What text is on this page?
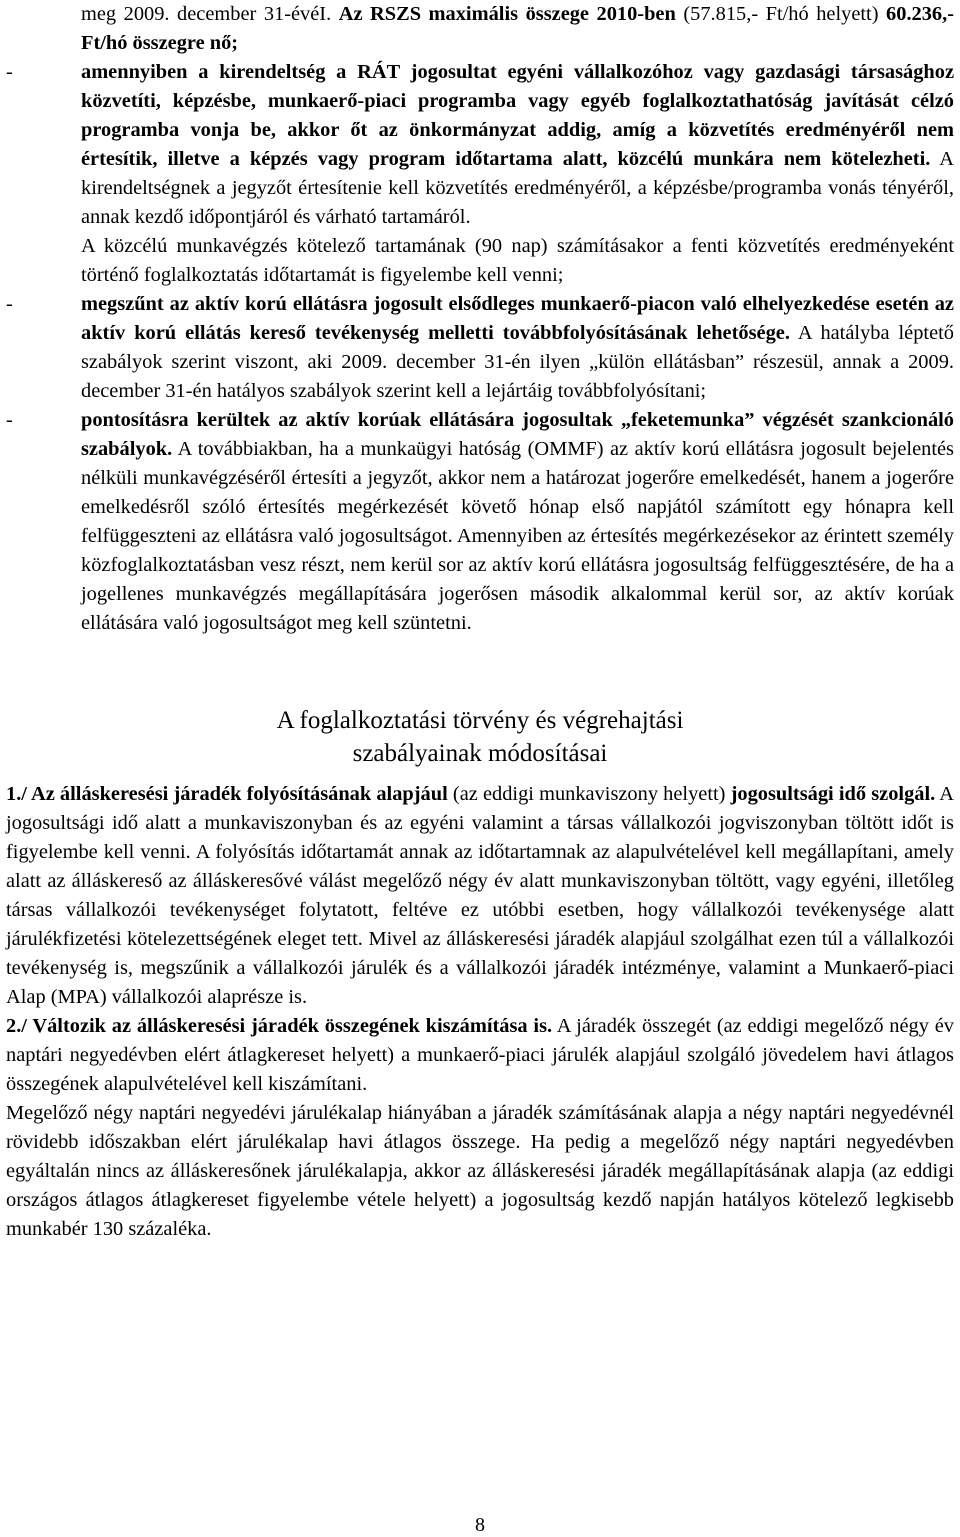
meg 2009. december 31-évéI. Az RSZS maximális összege 2010-ben (57.815,- Ft/hó helyett) 60.236,- Ft/hó összegre nő;

-	amennyiben a kirendeltség a RÁT jogosultat egyéni vállalkozóhoz vagy gazdasági társasághoz közvetíti, képzésbe, munkaerő-piaci programba vagy egyéb foglalkoztathatóság javítását célzó programba vonja be, akkor őt az önkormányzat addig, amíg a közvetítés eredményéről nem értesítik, illetve a képzés vagy program időtartama alatt, közcélú munkára nem kötelezheti. A kirendeltségnek a jegyzőt értesítenie kell közvetítés eredményéről, a képzésbe/programba vonás tényéről, annak kezdő időpontjáról és várható tartamáról.

A közcélú munkavégzés kötelező tartamának (90 nap) számításakor a fenti közvetítés eredményeként történő foglalkoztatás időtartamát is figyelembe kell venni;

-	megszűnt az aktív korú ellátásra jogosult elsődleges munkaerő-piacon való elhelyezkedése esetén az aktív korú ellátás kereső tevékenység melletti továbbfolyósításának lehetősége. A hatályba léptető szabályok szerint viszont, aki 2009. december 31-én ilyen „külön ellátásban” részesül, annak a 2009. december 31-én hatályos szabályok szerint kell a lejártáig továbbfolyósítani;

-	pontosításra kerültek az aktív korúak ellátására jogosultak „feketemunka” végzését szankcionáló szabályok. A továbbiakban, ha a munkaügyi hatóság (OMMF) az aktív korú ellátásra jogosult bejelentés nélküli munkavégzéséről értesíti a jegyzőt, akkor nem a határozat jogerőre emelkedését, hanem a jogerőre emelkedésről szóló értesítés megérkezését követő hónap első napjától számított egy hónapra kell felfüggeszteni az ellátásra való jogosultságot. Amennyiben az értesítés megérkezésekor az érintett személy közfoglalkoztatásban vesz részt, nem kerül sor az aktív korú ellátásra jogosultság felfüggesztésére, de ha a jogellenes munkavégzés megállapítására jogerősen második alkalommal kerül sor, az aktív korúak ellátására való jogosultságot meg kell szüntetni.

A foglalkoztatási törvény és végrehajtási
szabályainak módosításai

1./ Az álláskeresési járadék folyósításának alapjául (az eddigi munkaviszony helyett) jogosultsági idő szolgál. A jogosultsági idő alatt a munkaviszonyban és az egyéni valamint a társas vállalkozói jogviszonyban töltött időt is figyelembe kell venni. A folyósítás időtartamát annak az időtartamnak az alapulvételével kell megállapítani, amely alatt az álláskereső az álláskeresővé válást megelőző négy év alatt munkaviszonyban töltött, vagy egyéni, illetőleg társas vállalkozói tevékenységet folytatott, feltéve ez utóbbi esetben, hogy vállalkozói tevékenysége alatt járulékfizetési kötelezettségének eleget tett. Mivel az álláskeresési járadék alapjául szolgálhat ezen túl a vállalkozói tevékenység is, megszűnik a vállalkozói járulék és a vállalkozói járadék intézménye, valamint a Munkaerő-piaci Alap (MPA) vállalkozói alaprésze is.

2./ Változik az álláskeresési járadék összegének kiszámítása is. A járadék összegét (az eddigi megelőző négy év naptári negyedévben elért átlagkereset helyett) a munkaerő-piaci járulék alapjául szolgáló jövedelem havi átlagos összegének alapulvételével kell kiszámítani.

Megelőző négy naptári negyedévi járulékalap hiányában a járadék számításának alapja a négy naptári negyedévnél rövidebb időszakban elért járulékalap havi átlagos összege. Ha pedig a megelőző négy naptári negyedévben egyáltalán nincs az álláskeresőnek járulékalapja, akkor az álláskeresési járadék megállapításának alapja (az eddigi országos átlagos átlagkereset figyelembe vétele helyett) a jogosultság kezdő napján hatályos kötelező legkisebb munkabér 130 százaléka.

8
